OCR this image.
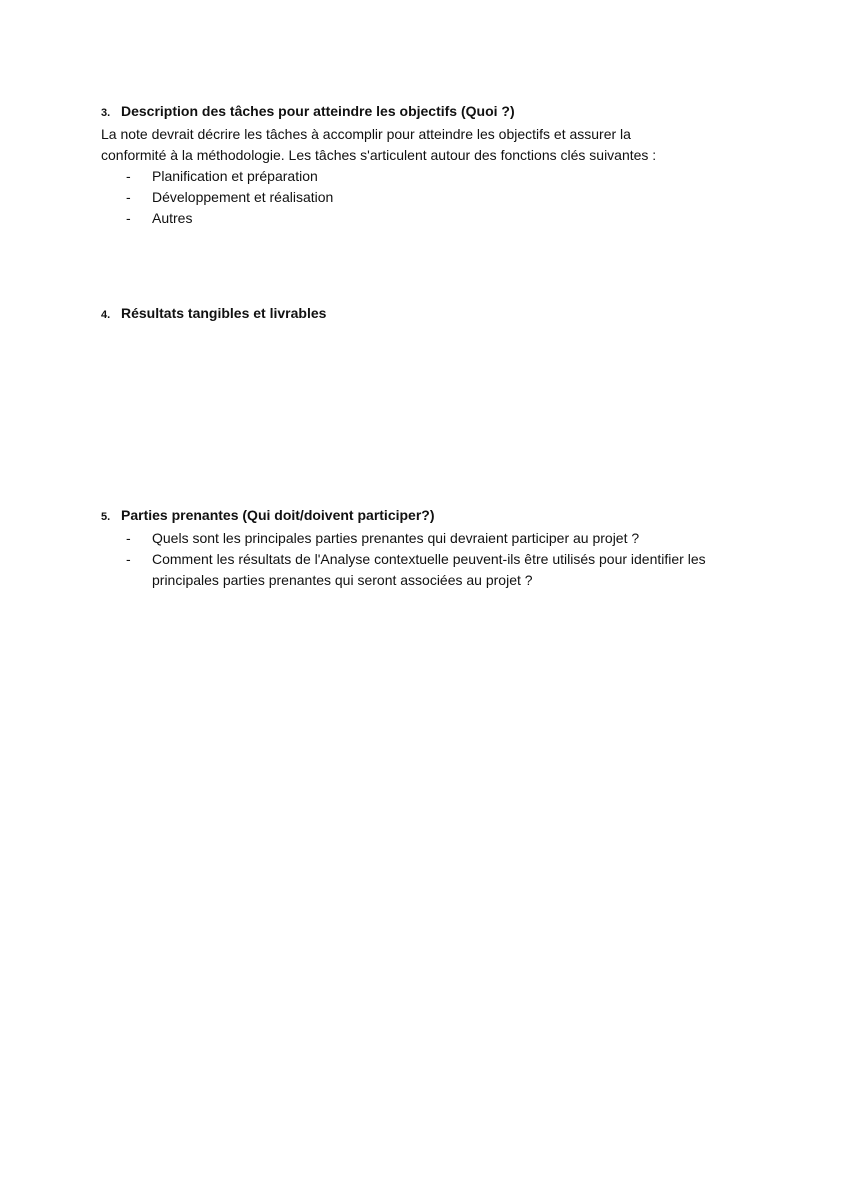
3. Description des tâches pour atteindre les objectifs (Quoi ?)
La note devrait décrire les tâches à accomplir pour atteindre les objectifs et assurer la
conformité à la méthodologie. Les tâches s'articulent autour des fonctions clés suivantes :
- Planification et préparation
- Développement et réalisation
- Autres
4. Résultats tangibles et livrables
5. Parties prenantes (Qui doit/doivent participer?)
- Quels sont les principales parties prenantes qui devraient participer au projet ?
- Comment les résultats de l'Analyse contextuelle peuvent-ils être utilisés pour identifier les principales parties prenantes qui seront associées au projet ?
